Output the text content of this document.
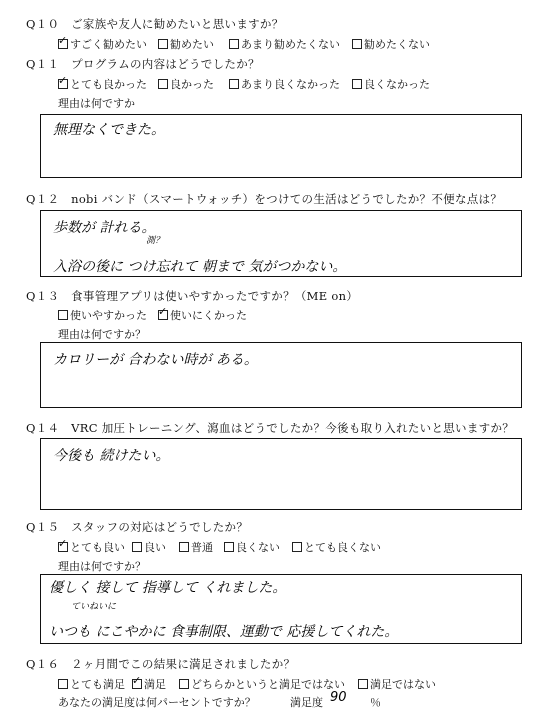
Q１０　ご家族や友人に勧めたいと思いますか？
✓
すごく勧めたい 勧めたい あまり勧めたくない 勧めたくない
Q１１　プログラムの内容はどうでしたか？
✓
とても良かった 良かった あまり良くなかった 良くなかった
理由は何ですか
無理なくできた。
Q１２　nobi バンド（スマートウォッチ）をつけての生活はどうでしたか？不便な点は？
歩数が 計れる。
測？
入浴の後に つけ忘れて 朝まで 気がつかない。
Q１３　食事管理アプリは使いやすかったですか？（ME on）
使いやすかった ✓ 使いにくかった
理由は何ですか？
カロリーが 合わない時が ある。
Q１４　VRC 加圧トレーニング、瀉血はどうでしたか？今後も取り入れたいと思いますか？
今後も 続けたい。
Q１５　スタッフの対応はどうでしたか？
✓
とても良い 良い 普通 良くない とても良くない
理由は何ですか？
優しく 接して 指導して くれました。
ていねいに
いつも にこやかに 食事制限、運動で 応援してくれた。
Q１６　２ヶ月間でこの結果に満足されましたか？
とても満足 ✓ 満足 どちらかというと満足ではない 満足ではない
あなたの満足度は何パーセントですか？	満足度 90 ％
